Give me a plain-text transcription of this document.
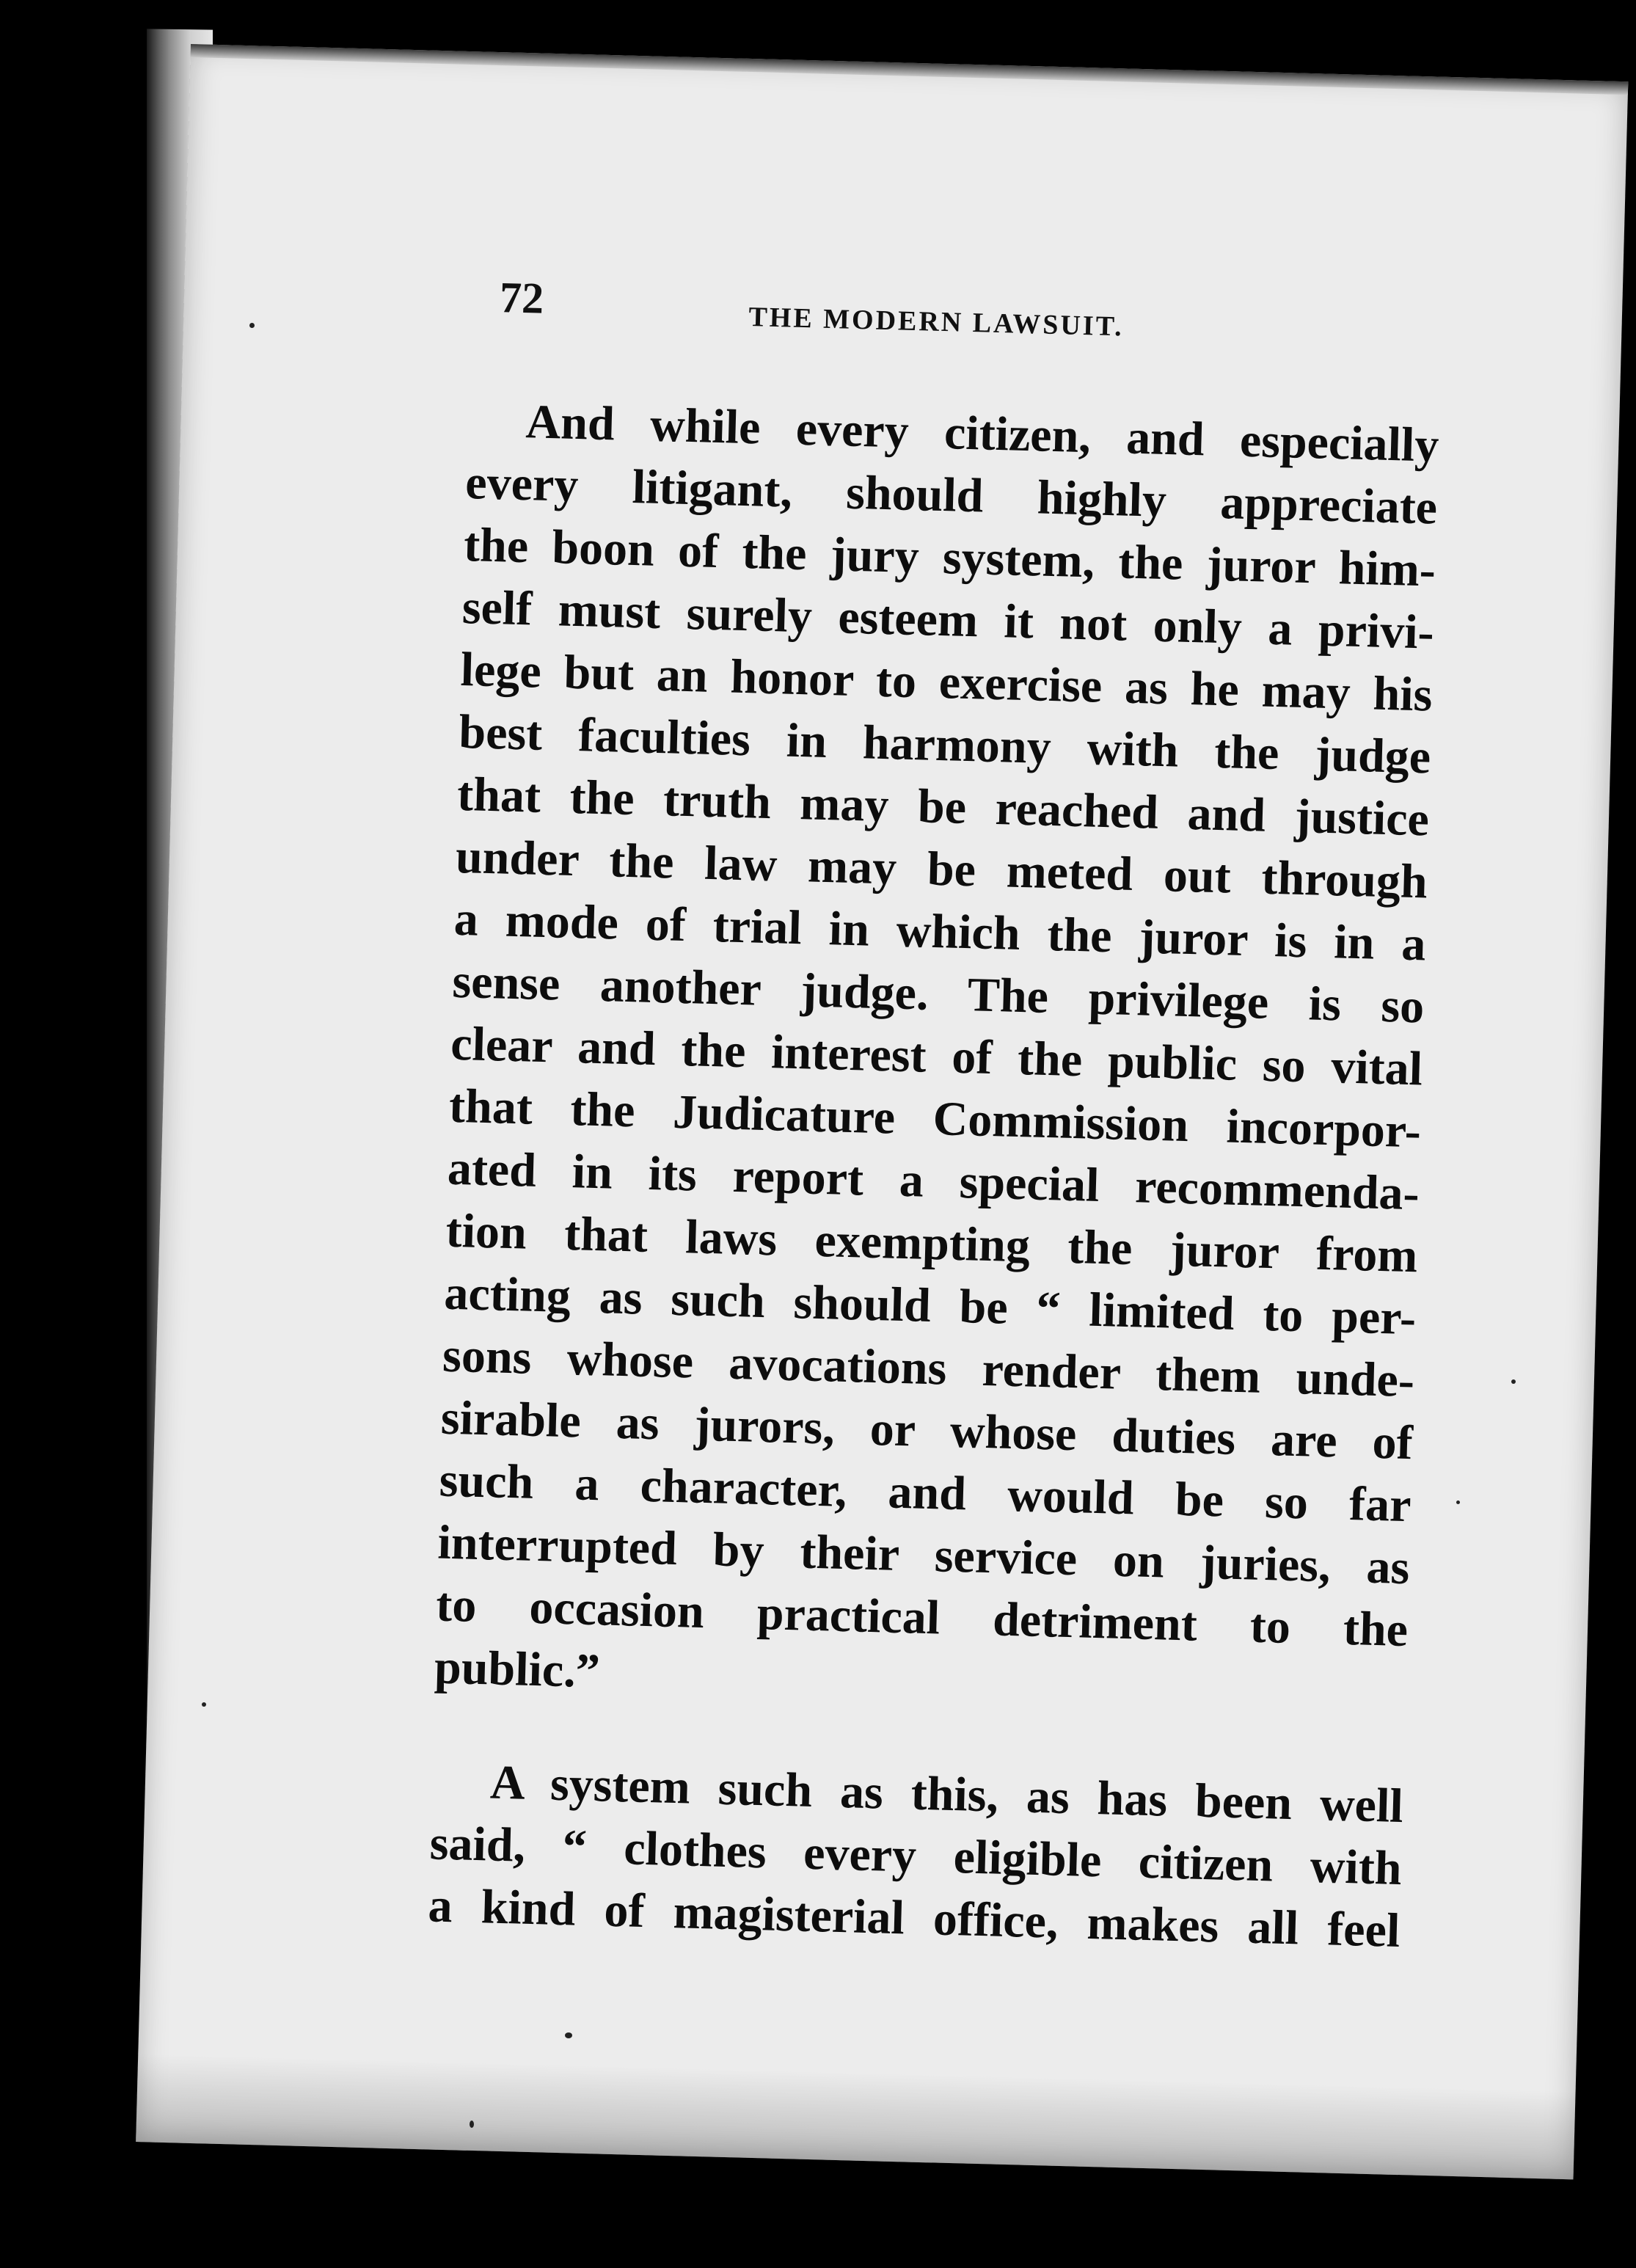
72	THE MODERN LAWSUIT.
And while every citizen, and especially
every litigant, should highly appreciate
the boon of the jury system, the juror him-
self must surely esteem it not only a privi-
lege but an honor to exercise as he may his
best faculties in harmony with the judge
that the truth may be reached and justice
under the law may be meted out through
a mode of trial in which the juror is in a
sense another judge. The privilege is so
clear and the interest of the public so vital
that the Judicature Commission incorpor-
ated in its report a special recommenda-
tion that laws exempting the juror from
acting as such should be “ limited to per-
sons whose avocations render them unde-
sirable as jurors, or whose duties are of
such a character, and would be so far
interrupted by their service on juries, as
to occasion practical detriment to the
public.”
A system such as this, as has been well
said, “ clothes every eligible citizen with
a kind of magisterial office, makes all feel
